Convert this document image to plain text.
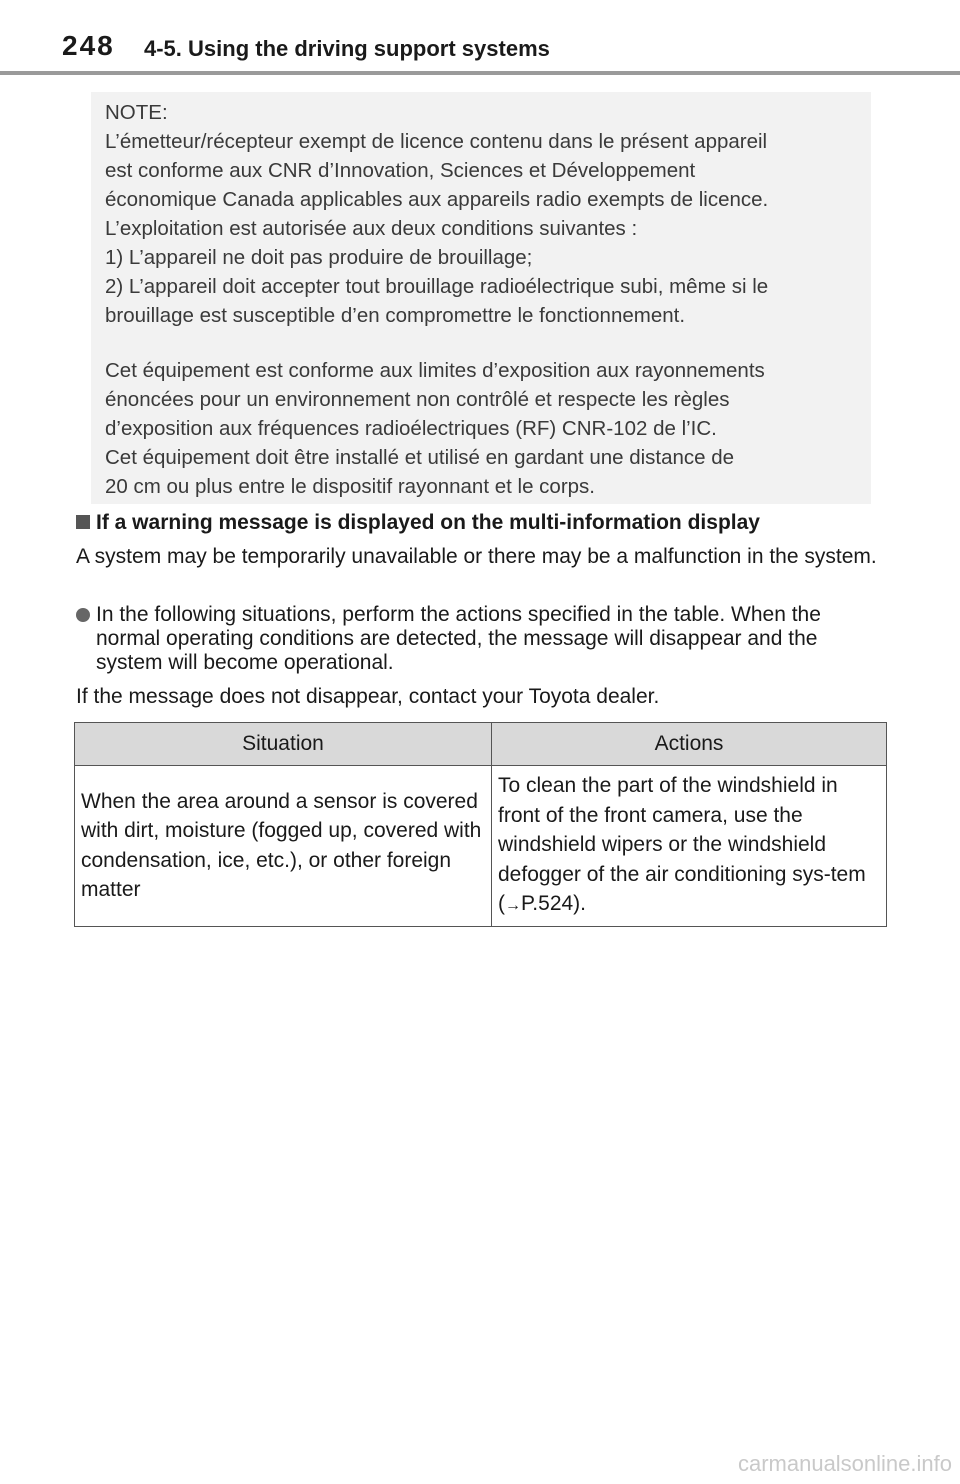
248 4-5. Using the driving support systems

NOTE:

L’émetteur/récepteur exempt de licence contenu dans le présent appareil

est conforme aux CNR d’Innovation, Sciences et Développement

économique Canada applicables aux appareils radio exempts de licence.

L’exploitation est autorisée aux deux conditions suivantes :

1) L’appareil ne doit pas produire de brouillage;

2) L’appareil doit accepter tout brouillage radioélectrique subi, même si le

brouillage est susceptible d’en compromettre le fonctionnement.

Cet équipement est conforme aux limites d’exposition aux rayonnements

énoncées pour un environnement non contrôlé et respecte les règles

d’exposition aux fréquences radioélectriques (RF) CNR-102 de l’IC.

Cet équipement doit être installé et utilisé en gardant une distance de

20 cm ou plus entre le dispositif rayonnant et le corps.

If a warning message is displayed on the multi-information display
A system may be temporarily unavailable or there may be a malfunction in the system.
In the following situations, perform the actions specified in the table. When the normal operating conditions are detected, the message will disappear and the system will become operational.
If the message does not disappear, contact your Toyota dealer.
Situation	Actions
When the area around a sensor is covered with dirt, moisture (fogged up, covered with condensation, ice, etc.), or other foreign matter	To clean the part of the windshield in front of the front camera, use the windshield wipers or the windshield defogger of the air conditioning sys-tem (→P.524).
carmanualsonline.info
